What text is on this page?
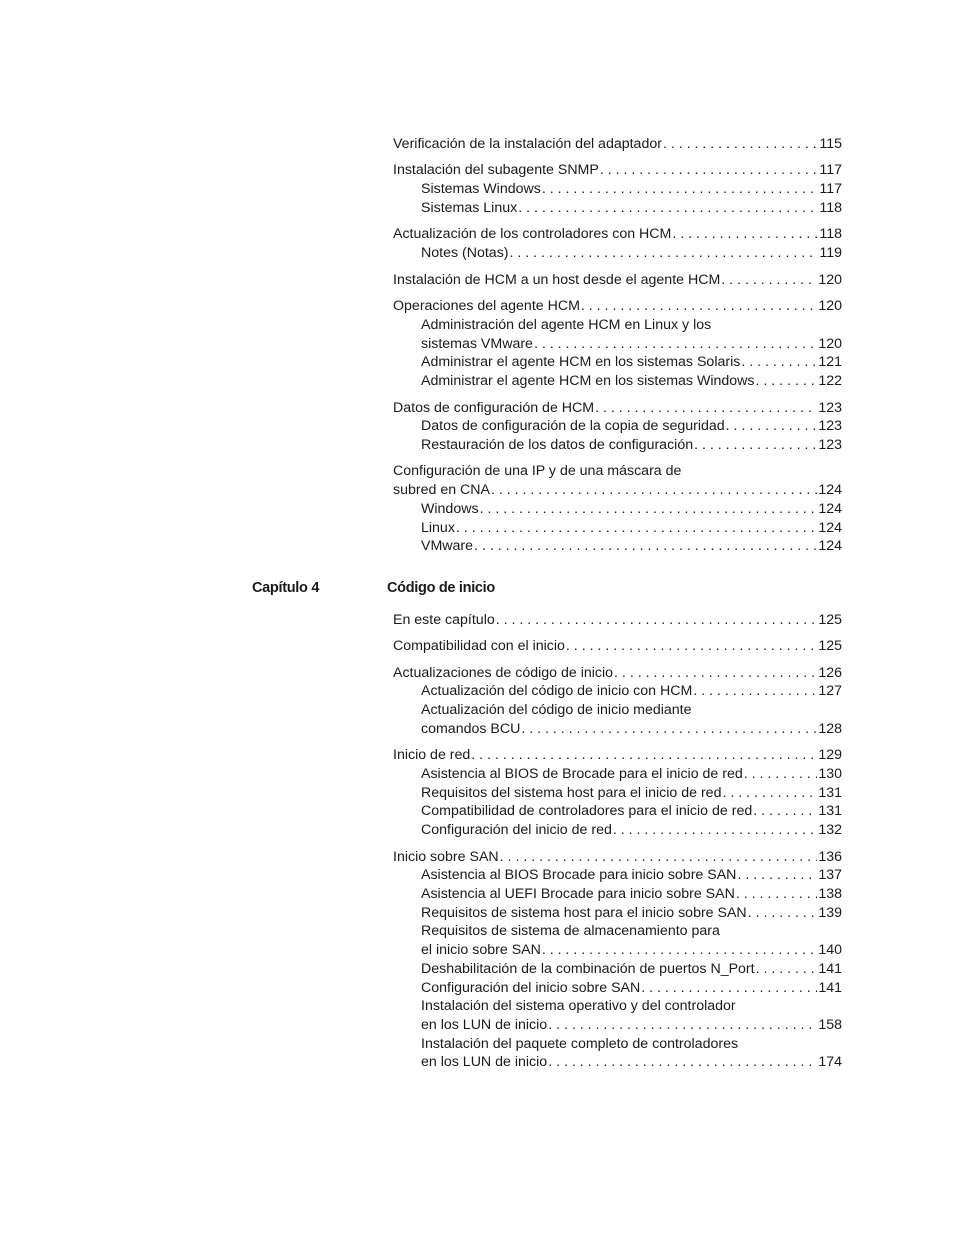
Verificación de la instalación del adaptador . . .	115
Instalación del subagente SNMP . . .	117
Sistemas Windows . . .	117
Sistemas Linux . . .	118
Actualización de los controladores con HCM . . .	118
Notes (Notas) . . .	119
Instalación de HCM a un host desde el agente HCM . . .	120
Operaciones del agente HCM . . .	120
Administración del agente HCM en Linux y los
sistemas VMware . . .	120
Administrar el agente HCM en los sistemas Solaris . . .	121
Administrar el agente HCM en los sistemas Windows . . .	122
Datos de configuración de HCM . . .	123
Datos de configuración de la copia de seguridad . . .	123
Restauración de los datos de configuración . . .	123
Configuración de una IP y de una máscara de
subred en CNA . . .	124
Windows . . .	124
Linux . . .	124
VMware . . .	124
En este capítulo . . .	125
Compatibilidad con el inicio . . .	125
Actualizaciones de código de inicio . . .	126
Actualización del código de inicio con HCM . . .	127
Actualización del código de inicio mediante
comandos BCU . . .	128
Inicio de red . . .	129
Asistencia al BIOS de Brocade para el inicio de red . . .	130
Requisitos del sistema host para el inicio de red . . .	131
Compatibilidad de controladores para el inicio de red . . .	131
Configuración del inicio de red . . .	132
Inicio sobre SAN . . .	136
Asistencia al BIOS Brocade para inicio sobre SAN . . .	137
Asistencia al UEFI Brocade para inicio sobre SAN . . .	138
Requisitos de sistema host para el inicio sobre SAN . . .	139
Requisitos de sistema de almacenamiento para
el inicio sobre SAN . . .	140
Deshabilitación de la combinación de puertos N_Port . . .	141
Configuración del inicio sobre SAN . . .	141
Instalación del sistema operativo y del controlador
en los LUN de inicio . . .	158
Instalación del paquete completo de controladores
en los LUN de inicio . . .	174
Capítulo 4	Código de inicio
